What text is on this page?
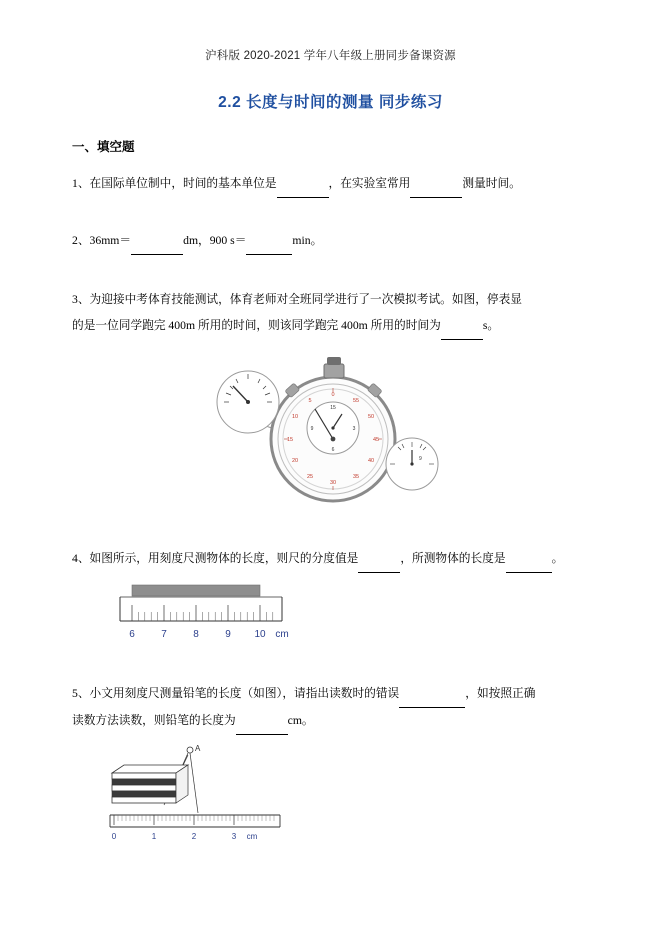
沪科版 2020-2021 学年八年级上册同步备课资源
2.2 长度与时间的测量 同步练习
一、填空题
1、在国际单位制中，时间的基本单位是	，在实验室常用	测量时间。
2、36mm＝	dm，900 s＝	min。
3、为迎接中考体育技能测试，体育老师对全班同学进行了一次模拟考试。如图，停表显
的是一位同学跑完 400m 所用的时间，则该同学跑完 400m 所用的时间为	s。
0
55
50
45
40
35
30
25
20
15
10
5
15
3
6
9
9
4、如图所示，用刻度尺测物体的长度，则尺的分度值是	，所测物体的长度是	。
6	7	8	9 10 cm
5、小文用刻度尺测量铅笔的长度（如图），请指出读数时的错误	，如按照正确
读数方法读数，则铅笔的长度为	cm。
A
0	1	2	3 cm
